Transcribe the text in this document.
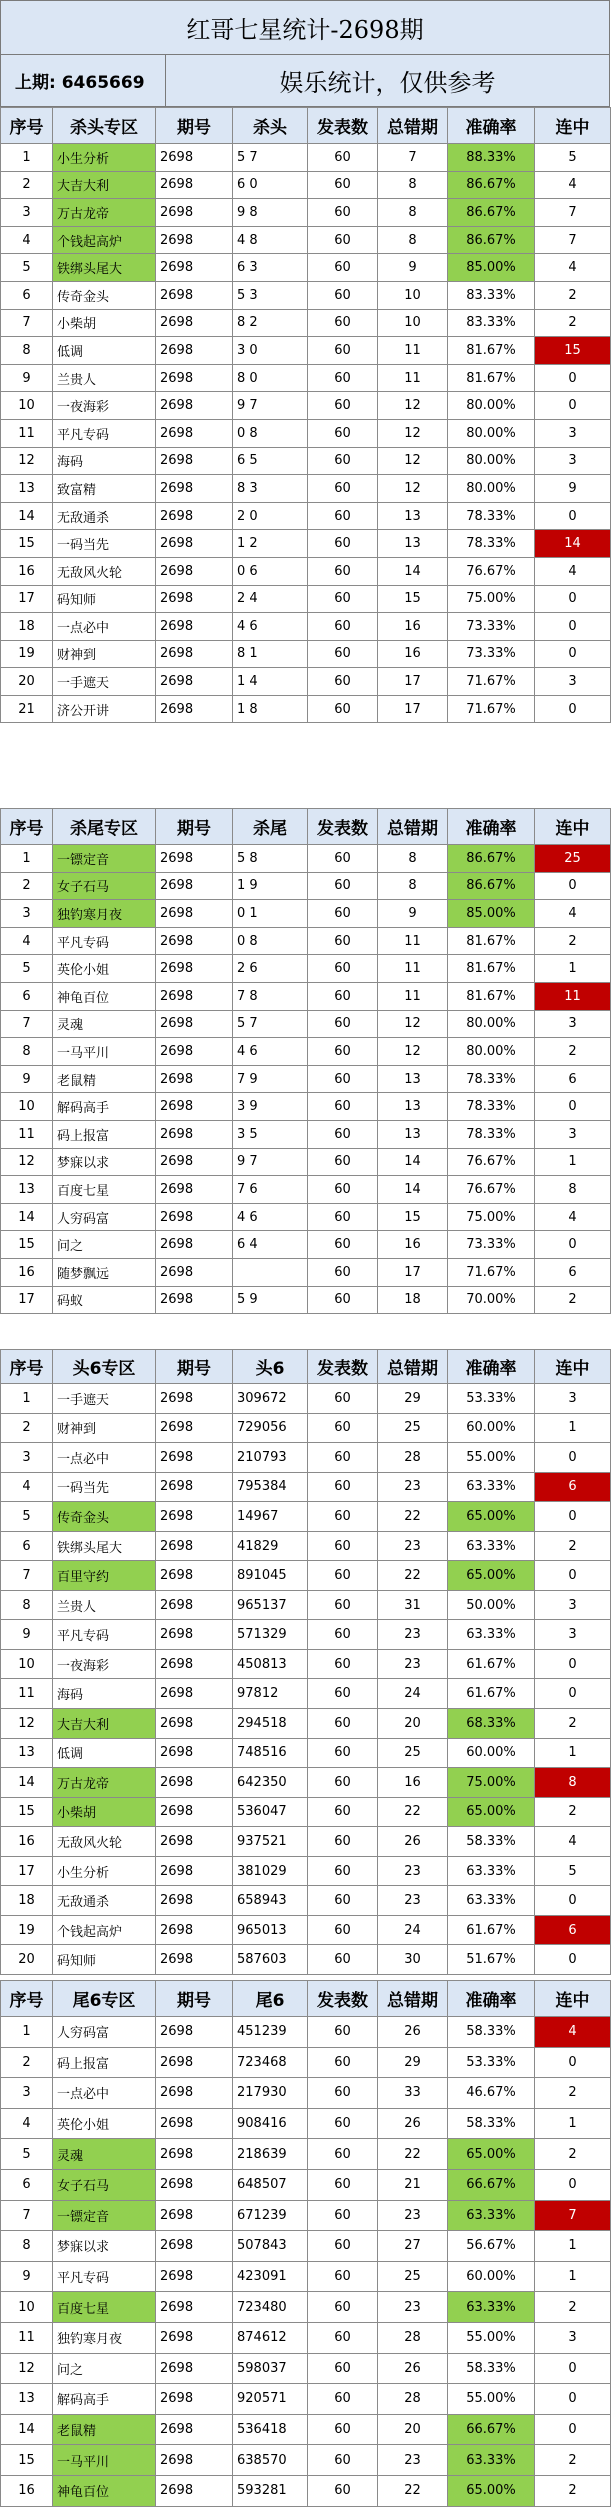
红哥七星统计-2698期
上期: 6465669	娱乐统计，仅供参考
序号	杀头专区	期号	杀头	发表数	总错期	准确率	连中
1	小生分析	2698	5 7	60	7	88.33%	5
2	大吉大利	2698	6 0	60	8	86.67%	4
3	万古龙帝	2698	9 8	60	8	86.67%	7
4	个钱起高炉	2698	4 8	60	8	86.67%	7
5	铁绑头尾大	2698	6 3	60	9	85.00%	4
6	传奇金头	2698	5 3	60	10	83.33%	2
7	小柴胡	2698	8 2	60	10	83.33%	2
8	低调	2698	3 0	60	11	81.67%	15
9	兰贵人	2698	8 0	60	11	81.67%	0
10	一夜海彩	2698	9 7	60	12	80.00%	0
11	平凡专码	2698	0 8	60	12	80.00%	3
12	海码	2698	6 5	60	12	80.00%	3
13	致富精	2698	8 3	60	12	80.00%	9
14	无敌通杀	2698	2 0	60	13	78.33%	0
15	一码当先	2698	1 2	60	13	78.33%	14
16	无敌风火轮	2698	0 6	60	14	76.67%	4
17	码知师	2698	2 4	60	15	75.00%	0
18	一点必中	2698	4 6	60	16	73.33%	0
19	财神到	2698	8 1	60	16	73.33%	0
20	一手遮天	2698	1 4	60	17	71.67%	3
21	济公开讲	2698	1 8	60	17	71.67%	0
序号	杀尾专区	期号	杀尾	发表数	总错期	准确率	连中
1	一镖定音	2698	5 8	60	8	86.67%	25
2	女子石马	2698	1 9	60	8	86.67%	0
3	独钓寒月夜	2698	0 1	60	9	85.00%	4
4	平凡专码	2698	0 8	60	11	81.67%	2
5	英伦小姐	2698	2 6	60	11	81.67%	1
6	神龟百位	2698	7 8	60	11	81.67%	11
7	灵魂	2698	5 7	60	12	80.00%	3
8	一马平川	2698	4 6	60	12	80.00%	2
9	老鼠精	2698	7 9	60	13	78.33%	6
10	解码高手	2698	3 9	60	13	78.33%	0
11	码上报富	2698	3 5	60	13	78.33%	3
12	梦寐以求	2698	9 7	60	14	76.67%	1
13	百度七星	2698	7 6	60	14	76.67%	8
14	人穷码富	2698	4 6	60	15	75.00%	4
15	问之	2698	6 4	60	16	73.33%	0
16	随梦飘远	2698		60	17	71.67%	6
17	码蚁	2698	5 9	60	18	70.00%	2
序号	头6专区	期号	头6	发表数	总错期	准确率	连中
1	一手遮天	2698	309672	60	29	53.33%	3
2	财神到	2698	729056	60	25	60.00%	1
3	一点必中	2698	210793	60	28	55.00%	0
4	一码当先	2698	795384	60	23	63.33%	6
5	传奇金头	2698	14967	60	22	65.00%	0
6	铁绑头尾大	2698	41829	60	23	63.33%	2
7	百里守约	2698	891045	60	22	65.00%	0
8	兰贵人	2698	965137	60	31	50.00%	3
9	平凡专码	2698	571329	60	23	63.33%	3
10	一夜海彩	2698	450813	60	23	61.67%	0
11	海码	2698	97812	60	24	61.67%	0
12	大吉大利	2698	294518	60	20	68.33%	2
13	低调	2698	748516	60	25	60.00%	1
14	万古龙帝	2698	642350	60	16	75.00%	8
15	小柴胡	2698	536047	60	22	65.00%	2
16	无敌风火轮	2698	937521	60	26	58.33%	4
17	小生分析	2698	381029	60	23	63.33%	5
18	无敌通杀	2698	658943	60	23	63.33%	0
19	个钱起高炉	2698	965013	60	24	61.67%	6
20	码知师	2698	587603	60	30	51.67%	0
序号	尾6专区	期号	尾6	发表数	总错期	准确率	连中
1	人穷码富	2698	451239	60	26	58.33%	4
2	码上报富	2698	723468	60	29	53.33%	0
3	一点必中	2698	217930	60	33	46.67%	2
4	英伦小姐	2698	908416	60	26	58.33%	1
5	灵魂	2698	218639	60	22	65.00%	2
6	女子石马	2698	648507	60	21	66.67%	0
7	一镖定音	2698	671239	60	23	63.33%	7
8	梦寐以求	2698	507843	60	27	56.67%	1
9	平凡专码	2698	423091	60	25	60.00%	1
10	百度七星	2698	723480	60	23	63.33%	2
11	独钓寒月夜	2698	874612	60	28	55.00%	3
12	问之	2698	598037	60	26	58.33%	0
13	解码高手	2698	920571	60	28	55.00%	0
14	老鼠精	2698	536418	60	20	66.67%	0
15	一马平川	2698	638570	60	23	63.33%	2
16	神龟百位	2698	593281	60	22	65.00%	2
